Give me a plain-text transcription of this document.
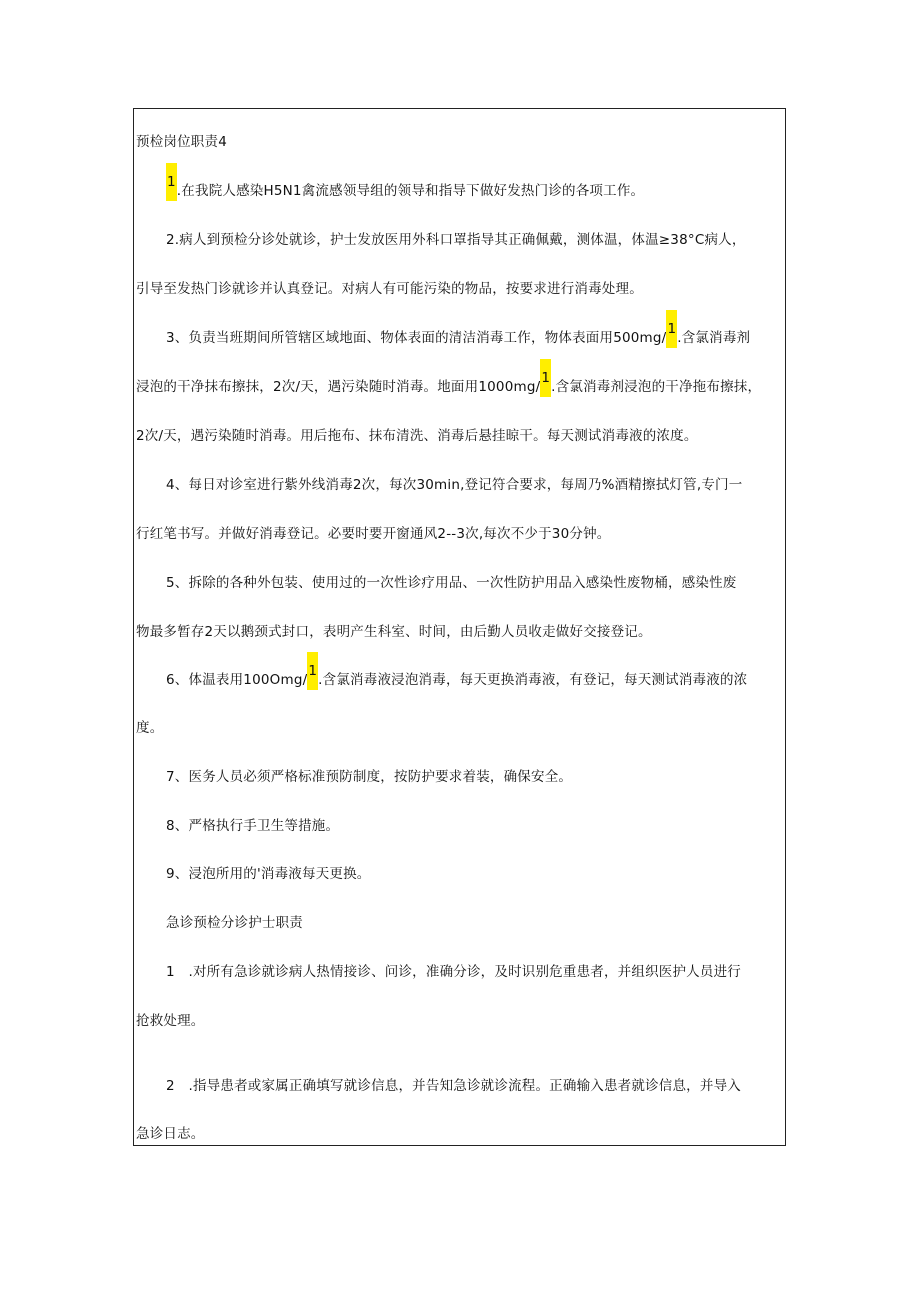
预检岗位职责4
1.在我院人感染H5N1禽流感领导组的领导和指导下做好发热门诊的各项工作。
2.病人到预检分诊处就诊，护士发放医用外科口罩指导其正确佩戴，测体温，体温≥38°C病人，
引导至发热门诊就诊并认真登记。对病人有可能污染的物品，按要求进行消毒处理。
3、负责当班期间所管辖区域地面、物体表面的清洁消毒工作，物体表面用500mg/1.含氯消毒剂
浸泡的干净抹布擦抹，2次/天，遇污染随时消毒。地面用1000mg/1.含氯消毒剂浸泡的干净拖布擦抹，
2次/天，遇污染随时消毒。用后拖布、抹布清洗、消毒后悬挂晾干。每天测试消毒液的浓度。
4、每日对诊室进行紫外线消毒2次，每次30min,登记符合要求，每周乃%酒精擦拭灯管,专门一
行红笔书写。并做好消毒登记。必要时要开窗通风2--3次,每次不少于30分钟。
5、拆除的各种外包装、使用过的一次性诊疗用品、一次性防护用品入感染性废物桶，感染性废
物最多暂存2天以鹅颈式封口，表明产生科室、时间，由后勤人员收走做好交接登记。
6、体温表用100Omg/1.含氯消毒液浸泡消毒，每天更换消毒液，有登记，每天测试消毒液的浓
度。
7、医务人员必须严格标准预防制度，按防护要求着装，确保安全。
8、严格执行手卫生等措施。
9、浸泡所用的'消毒液每天更换。
急诊预检分诊护士职责
1　.对所有急诊就诊病人热情接诊、问诊，准确分诊，及时识别危重患者，并组织医护人员进行
抢救处理。
2　.指导患者或家属正确填写就诊信息，并告知急诊就诊流程。正确输入患者就诊信息，并导入
急诊日志。
